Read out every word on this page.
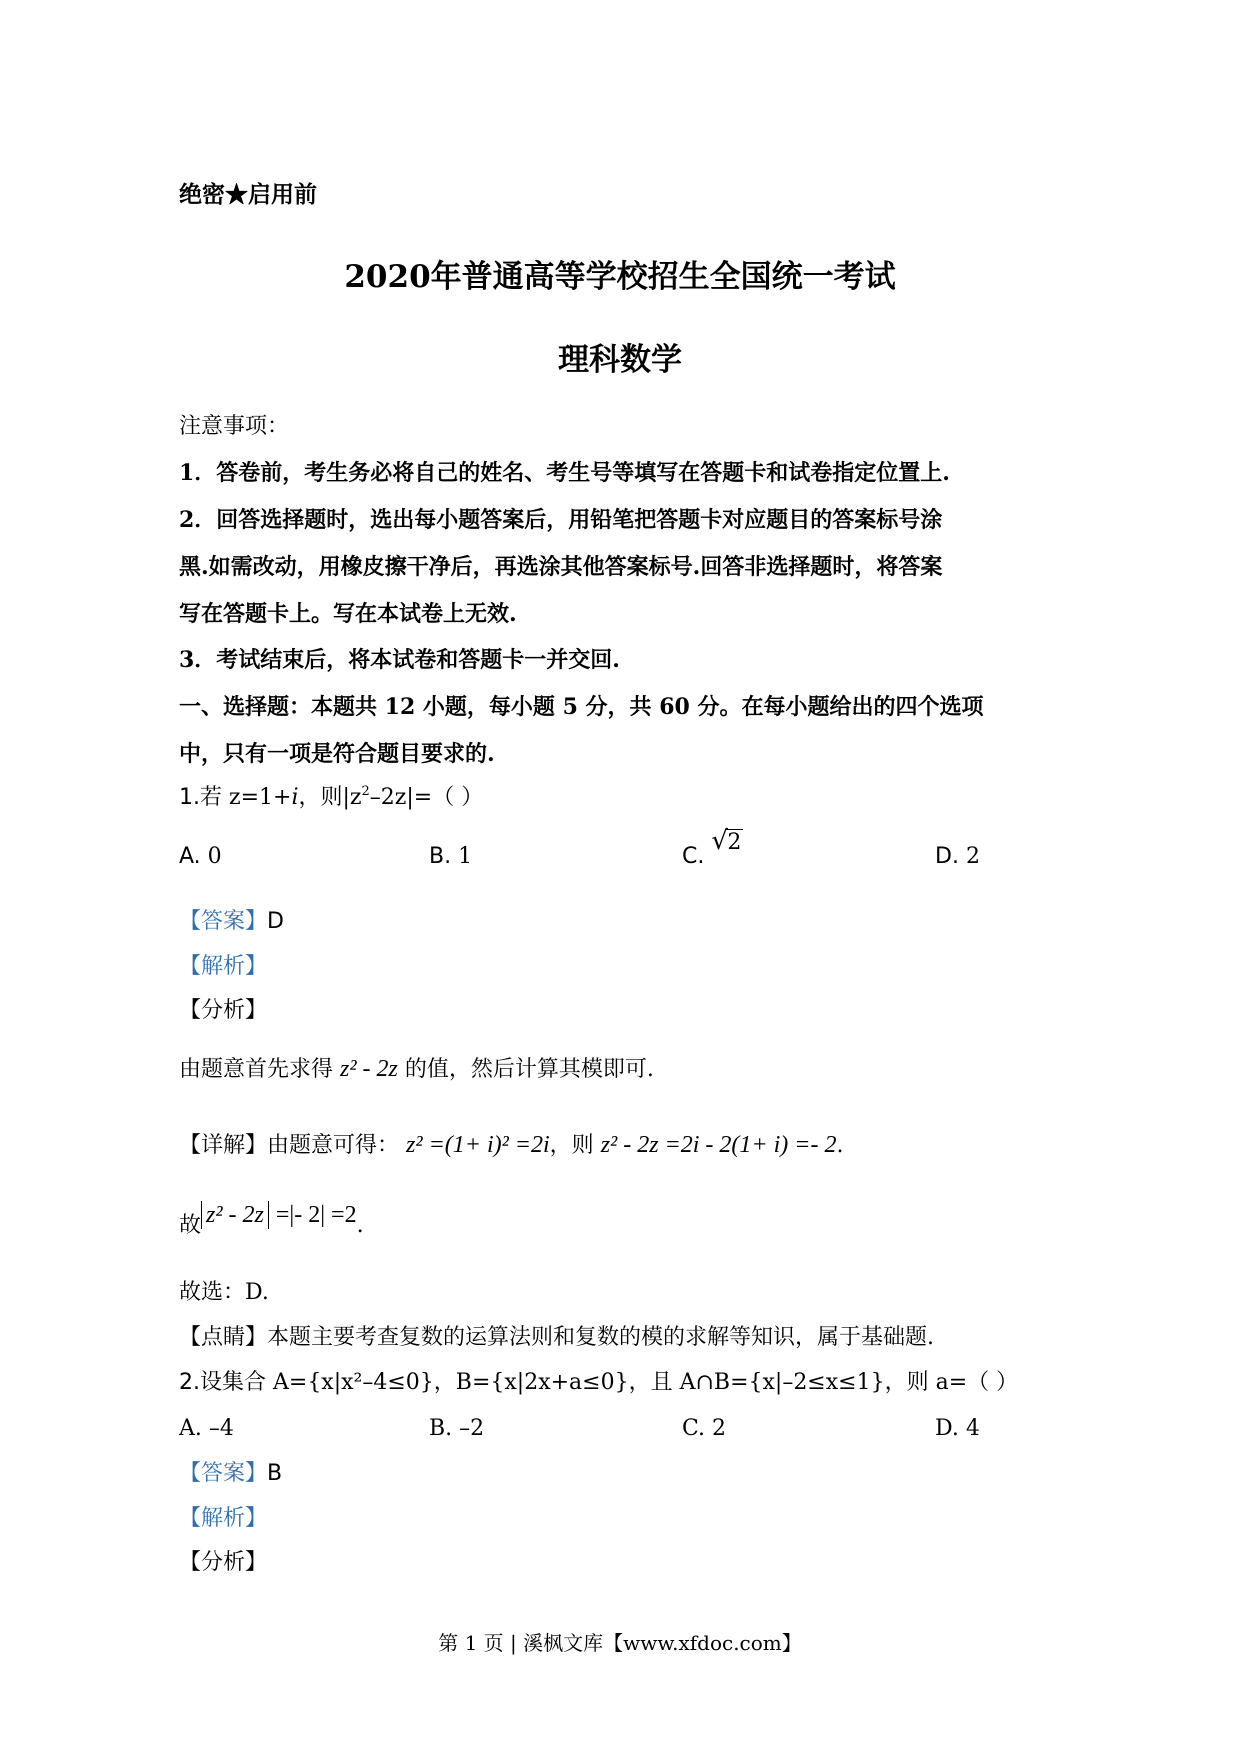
绝密★启用前
2020年普通高等学校招生全国统一考试
理科数学
注意事项：
1．答卷前，考生务必将自己的姓名、考生号等填写在答题卡和试卷指定位置上.
2．回答选择题时，选出每小题答案后，用铅笔把答题卡对应题目的答案标号涂
黑.如需改动，用橡皮擦干净后，再选涂其他答案标号.回答非选择题时，将答案
写在答题卡上。写在本试卷上无效.
3．考试结束后，将本试卷和答题卡一并交回.
一、选择题：本题共 12 小题，每小题 5 分，共 60 分。在每小题给出的四个选项
中，只有一项是符合题目要求的.
1.若 z=1+i，则$|z^2-2z|=$（ ）
A. 0	B. 1	C.
√ 2
D. 2
【答案】D
【解析】
【分析】
由题意首先求得 z² - 2z 的值，然后计算其模即可.
【详解】由题意可得： z² =(1+ i)² =2i，则 z² - 2z =2i - 2(1+ i) =- 2.
故 z² - 2z =|- 2| =2.
故选：D.
【点睛】本题主要考查复数的运算法则和复数的模的求解等知识，属于基础题.
2.设集合 A={x|x²–4≤0}，B={x|2x+a≤0}，且 A∩B={x|–2≤x≤1}，则 a=（ ）
A. –4	B. –2	C. 2	D. 4
【答案】B
【解析】
【分析】
第 1 页 | 溪枫文库【www.xfdoc.com】
